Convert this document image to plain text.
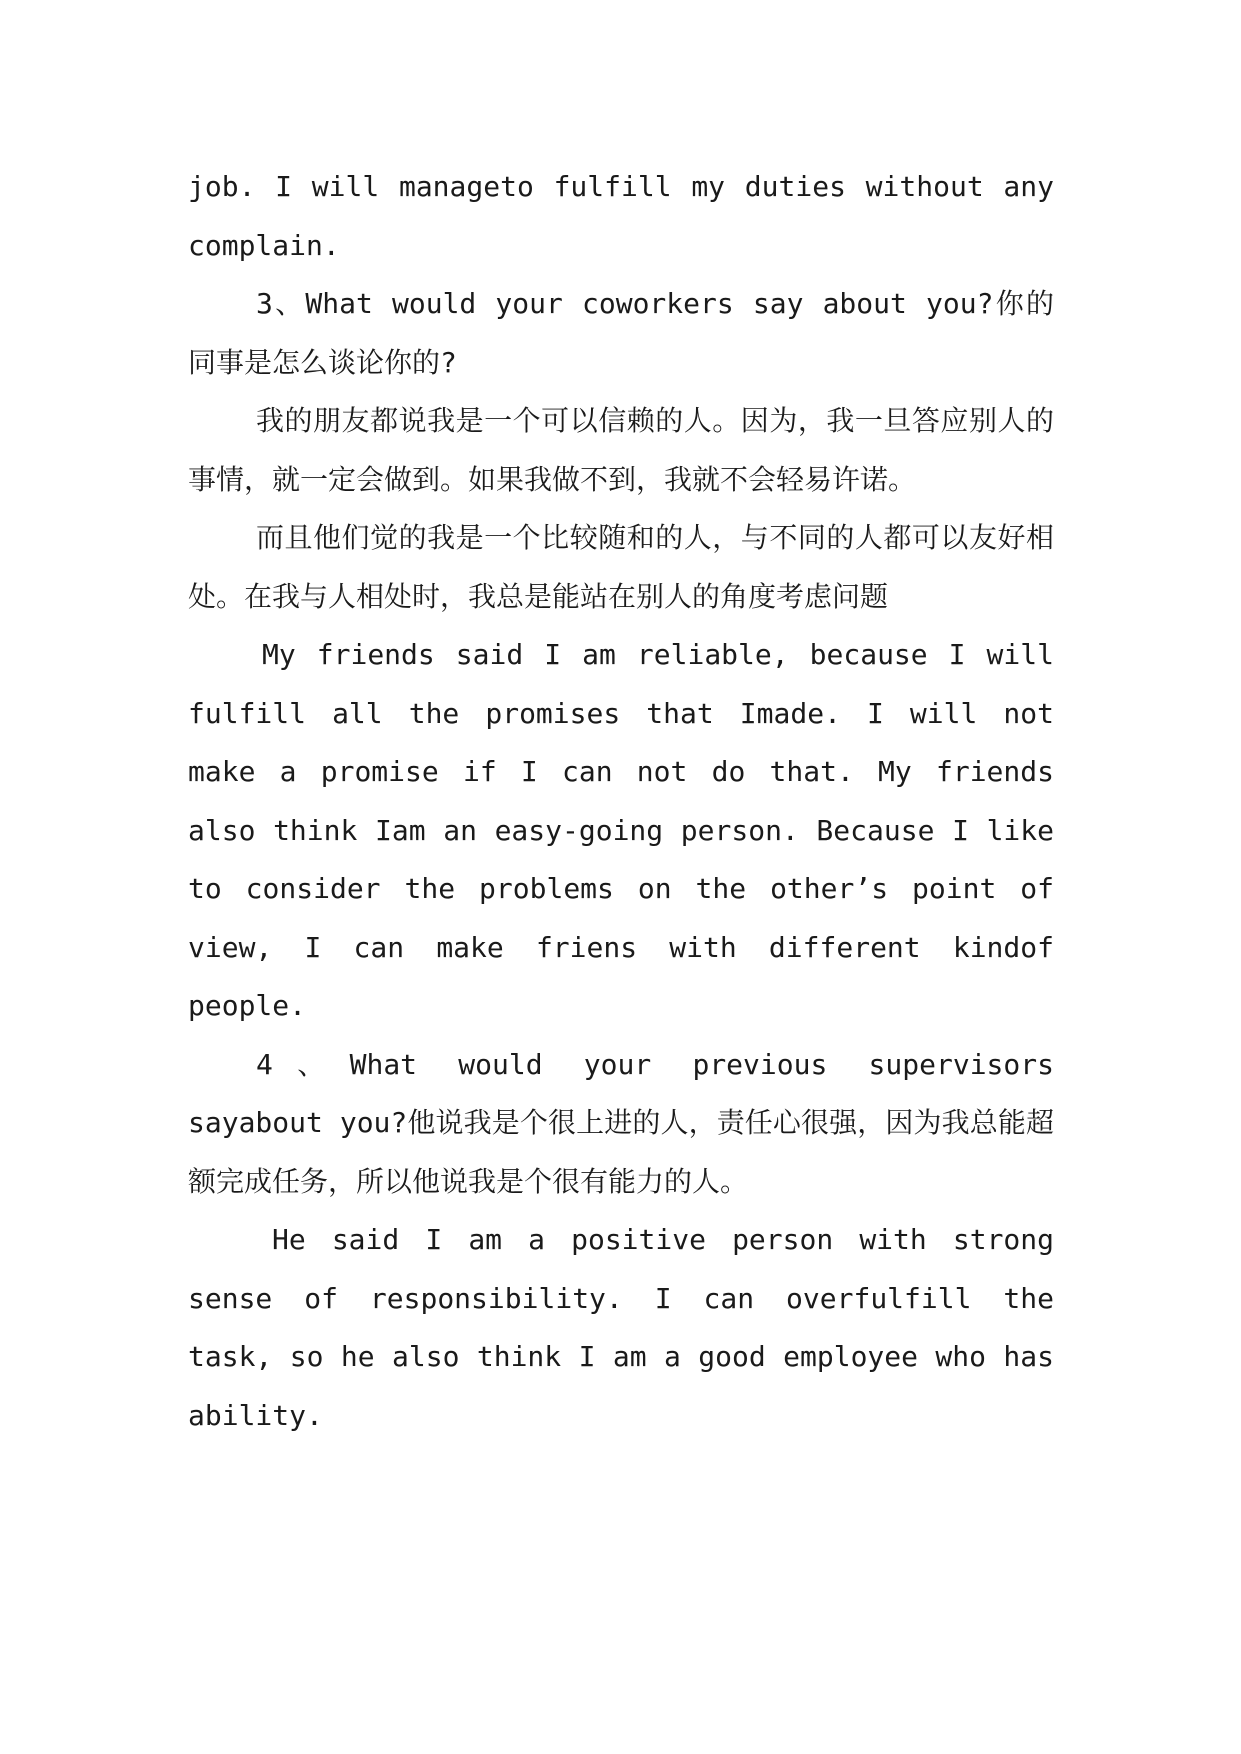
job. I will manageto fulfill my duties without any complain.

3、What would your coworkers say about you?你的同事是怎么谈论你的?

我的朋友都说我是一个可以信赖的人。因为，我一旦答应别人的事情，就一定会做到。如果我做不到，我就不会轻易许诺。

而且他们觉的我是一个比较随和的人，与不同的人都可以友好相处。在我与人相处时，我总是能站在别人的角度考虑问题

My friends said I am reliable, because I will fulfill all the promises that Imade. I will not make a promise if I can not do that. My friends also think Iam an easy-going person. Because I like to consider the problems on the other’s point of view, I can make friens with different kindof people.

4、What would your previous supervisors sayabout you?他说我是个很上进的人，责任心很强，因为我总能超额完成任务，所以他说我是个很有能力的人。

He said I am a positive person with strong sense of responsibility. I can overfulfill the task, so he also think I am a good employee who has ability.
